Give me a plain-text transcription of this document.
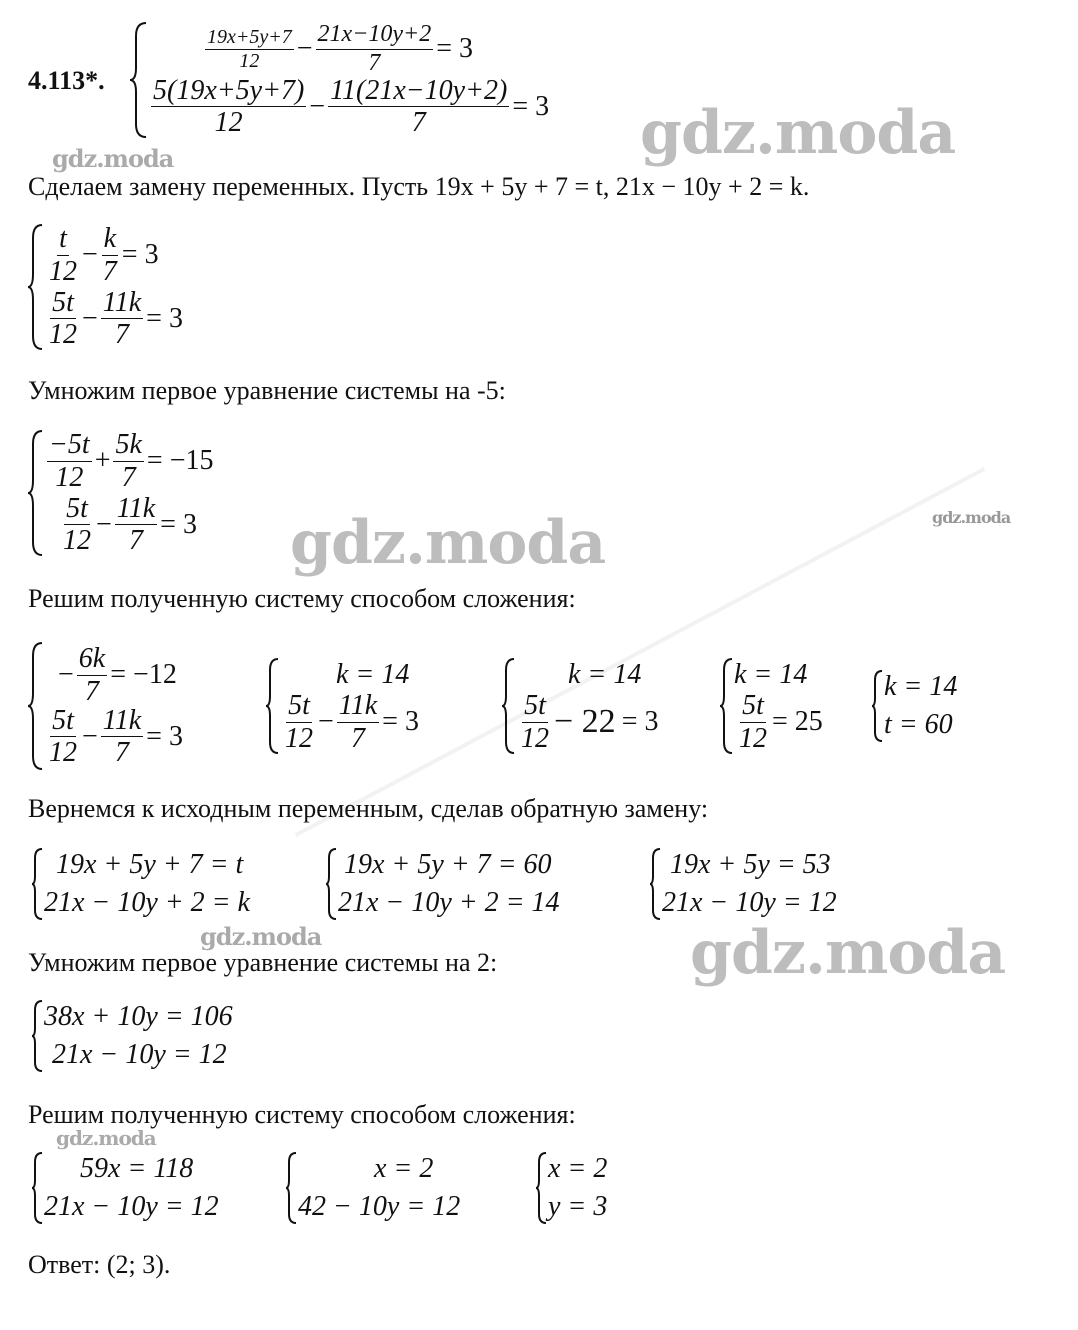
4.113*.
$\frac{19x+5y+7}{12} - \frac{21x-10y+2}{7} = 3$
$\frac{5(19x+5y+7)}{12} - \frac{11(21x-10y+2)}{7} = 3$
Сделаем замену переменных. Пусть 19x + 5y + 7 = t, 21x − 10y + 2 = k.
$\frac{t}{12} - \frac{k}{7} = 3$
$\frac{5t}{12} - \frac{11k}{7} = 3$
Умножим первое уравнение системы на -5:
$\frac{-5t}{12} + \frac{5k}{7} = -15$
$\frac{5t}{12} - \frac{11k}{7} = 3$
Решим полученную систему способом сложения:
− $\frac{6k}{7} = -12$
$\frac{5t}{12} - \frac{11k}{7} = 3$
k = 14
$\frac{5t}{12} - \frac{11k}{7} = 3$
k = 14
$\frac{5t}{12} - 22 = 3$
k = 14
$\frac{5t}{12} = 25$
k = 14
t = 60
Вернемся к исходным переменным, сделав обратную замену:
19x + 5y + 7 = t
21x − 10y + 2 = k
19x + 5y + 7 = 60
21x − 10y + 2 = 14
19x + 5y = 53
21x − 10y = 12
Умножим первое уравнение системы на 2:
38x + 10y = 106
21x − 10y = 12
Решим полученную систему способом сложения:
59x = 118
21x − 10y = 12
x = 2
42 − 10y = 12
x = 2
y = 3
Ответ: (2; 3).
gdz.moda
gdz.moda
gdz.moda	gdz.moda
gdz.moda	gdz.moda
gdz.moda
